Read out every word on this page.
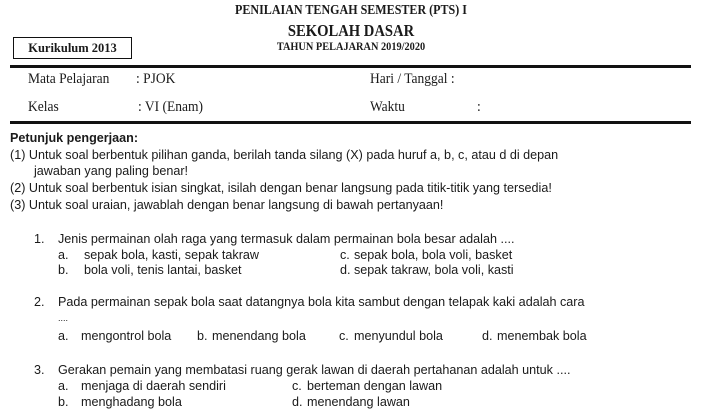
PENILAIAN TENGAH SEMESTER (PTS) I
SEKOLAH DASAR
TAHUN PELAJARAN 2019/2020
Kurikulum 2013
Mata Pelajaran : PJOK	Hari / Tanggal :
Kelas	: VI (Enam)	Waktu	:
Petunjuk pengerjaan:
(1) Untuk soal berbentuk pilihan ganda, berilah tanda silang (X) pada huruf a, b, c, atau d di depan
jawaban yang paling benar!
(2) Untuk soal berbentuk isian singkat, isilah dengan benar langsung pada titik-titik yang tersedia!
(3) Untuk soal uraian, jawablah dengan benar langsung di bawah pertanyaan!
1. Jenis permainan olah raga yang termasuk dalam permainan bola besar adalah ....
a. sepak bola, kasti, sepak takraw
b. bola voli, tenis lantai, basket
c. sepak bola, bola voli, basket
d. sepak takraw, bola voli, kasti
2. Pada permainan sepak bola saat datangnya bola kita sambut dengan telapak kaki adalah cara
....
a. mengontrol bola b. menendang bola	c. menyundul bola	d. menembak bola
3. Gerakan pemain yang membatasi ruang gerak lawan di daerah pertahanan adalah untuk ....
a. menjaga di daerah sendiri
b. menghadang bola
c. berteman dengan lawan
d. menendang lawan
